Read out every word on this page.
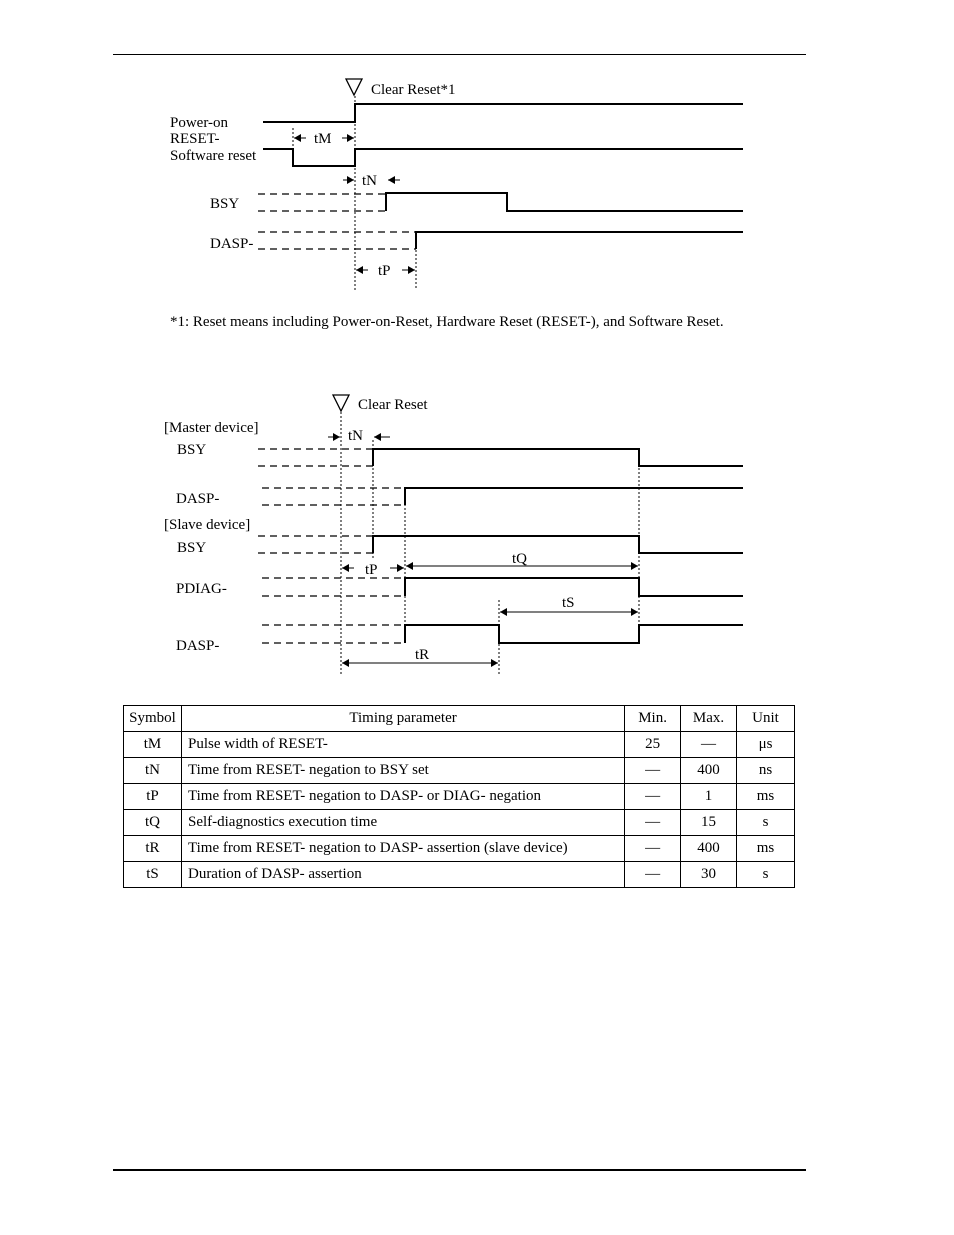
Clear Reset*1
Power-on
RESET-
Software reset
BSY
DASP-
tM
tN
tP
*1: Reset means including Power-on-Reset, Hardware Reset (RESET-), and Software Reset.
Clear Reset
[Master device]
BSY
DASP-
[Slave device]
BSY
PDIAG-
DASP-
tN
tP
tQ
tS
tR
Symbol	Timing parameter	Min.	Max.	Unit
tM	Pulse width of RESET-	25	—	μs
tN	Time from RESET- negation to BSY set	—	400	ns
tP	Time from RESET- negation to DASP- or DIAG- negation	—	1	ms
tQ	Self-diagnostics execution time	—	15	s
tR	Time from RESET- negation to DASP- assertion (slave device)	—	400	ms
tS	Duration of DASP- assertion	—	30	s
